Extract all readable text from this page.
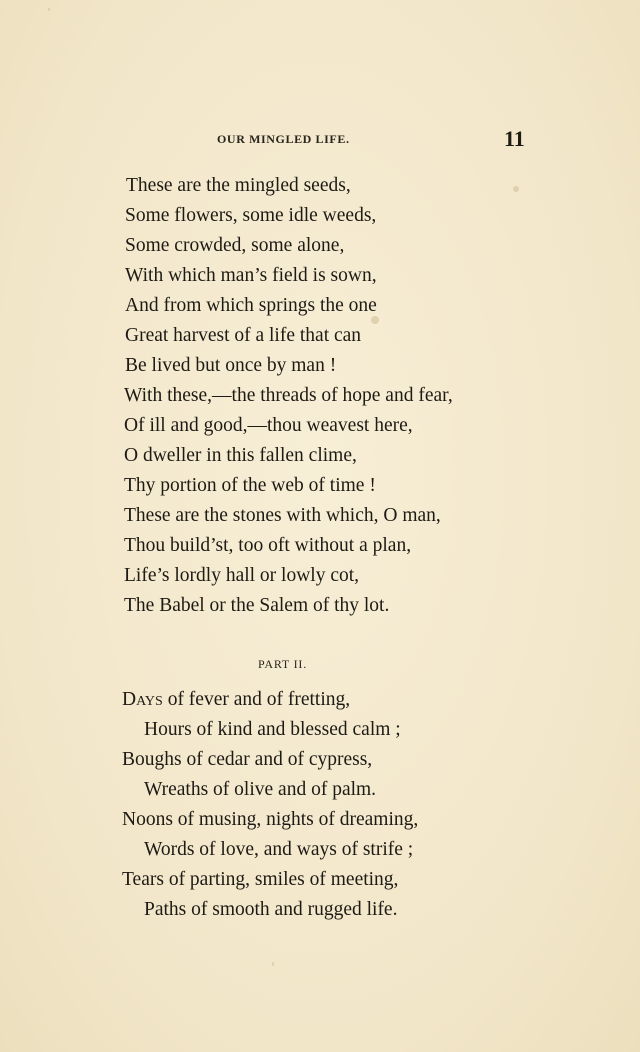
OUR MINGLED LIFE.	11
These are the mingled seeds,
Some flowers, some idle weeds,
Some crowded, some alone,
With which man’s field is sown,
And from which springs the one
Great harvest of a life that can
Be lived but once by man !
With these,—the threads of hope and fear,
Of ill and good,—thou weavest here,
O dweller in this fallen clime,
Thy portion of the web of time !
These are the stones with which, O man,
Thou build’st, too oft without a plan,
Life’s lordly hall or lowly cot,
The Babel or the Salem of thy lot.
PART II.
Days of fever and of fretting,
Hours of kind and blessed calm ;
Boughs of cedar and of cypress,
Wreaths of olive and of palm.
Noons of musing, nights of dreaming,
Words of love, and ways of strife ;
Tears of parting, smiles of meeting,
Paths of smooth and rugged life.
